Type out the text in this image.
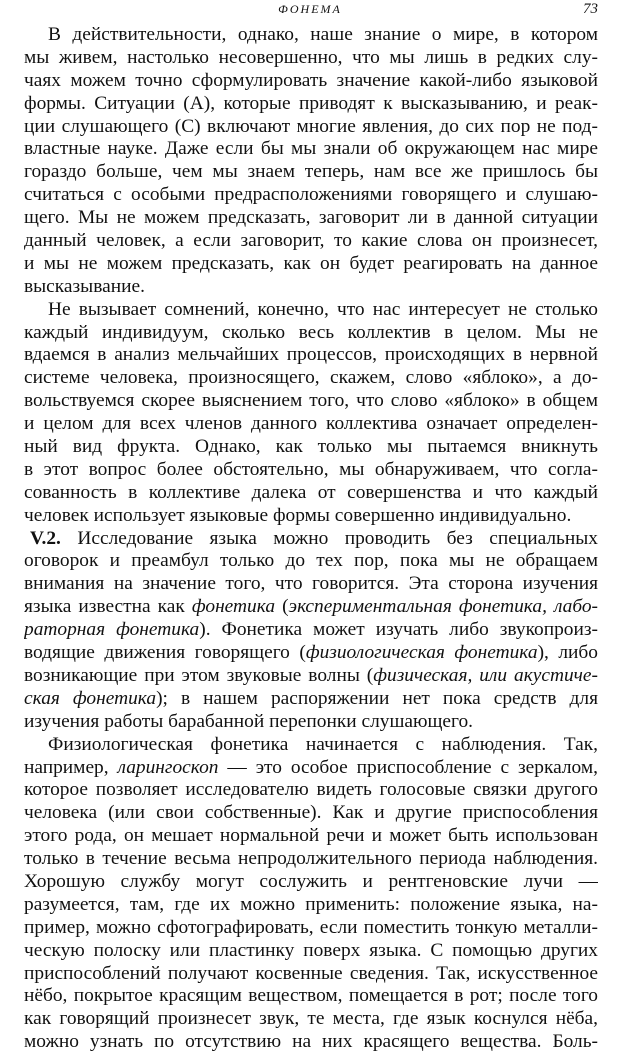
ФОНЕМА	73
В действительности, однако, наше знание о мире, в котором
мы живем, настолько несовершенно, что мы лишь в редких слу-
чаях можем точно сформулировать значение какой-либо языковой
формы. Ситуации (A), которые приводят к высказыванию, и реак-
ции слушающего (C) включают многие явления, до сих пор не под-
властные науке. Даже если бы мы знали об окружающем нас мире
гораздо больше, чем мы знаем теперь, нам все же пришлось бы
считаться с особыми предрасположениями говорящего и слушаю-
щего. Мы не можем предсказать, заговорит ли в данной ситуации
данный человек, а если заговорит, то какие слова он произнесет,
и мы не можем предсказать, как он будет реагировать на данное
высказывание.
Не вызывает сомнений, конечно, что нас интересует не столько
каждый индивидуум, сколько весь коллектив в целом. Мы не
вдаемся в анализ мельчайших процессов, происходящих в нервной
системе человека, произносящего, скажем, слово «яблоко», а до-
вольствуемся скорее выяснением того, что слово «яблоко» в общем
и целом для всех членов данного коллектива означает определен-
ный вид фрукта. Однако, как только мы пытаемся вникнуть
в этот вопрос более обстоятельно, мы обнаруживаем, что согла-
сованность в коллективе далека от совершенства и что каждый
человек использует языковые формы совершенно индивидуально.
V.2. Исследование языка можно проводить без специальных
оговорок и преамбул только до тех пор, пока мы не обращаем
внимания на значение того, что говорится. Эта сторона изучения
языка известна как фонетика (экспериментальная фонетика, лабо-
раторная фонетика). Фонетика может изучать либо звукопроиз-
водящие движения говорящего (физиологическая фонетика), либо
возникающие при этом звуковые волны (физическая, или акустиче-
ская фонетика); в нашем распоряжении нет пока средств для
изучения работы барабанной перепонки слушающего.
Физиологическая фонетика начинается с наблюдения. Так,
например, ларингоскоп — это особое приспособление с зеркалом,
которое позволяет исследователю видеть голосовые связки другого
человека (или свои собственные). Как и другие приспособления
этого рода, он мешает нормальной речи и может быть использован
только в течение весьма непродолжительного периода наблюдения.
Хорошую службу могут сослужить и рентгеновские лучи —
разумеется, там, где их можно применить: положение языка, на-
пример, можно сфотографировать, если поместить тонкую металли-
ческую полоску или пластинку поверх языка. С помощью других
приспособлений получают косвенные сведения. Так, искусственное
нёбо, покрытое красящим веществом, помещается в рот; после того
как говорящий произнесет звук, те места, где язык коснулся нёба,
можно узнать по отсутствию на них красящего вещества. Боль-
